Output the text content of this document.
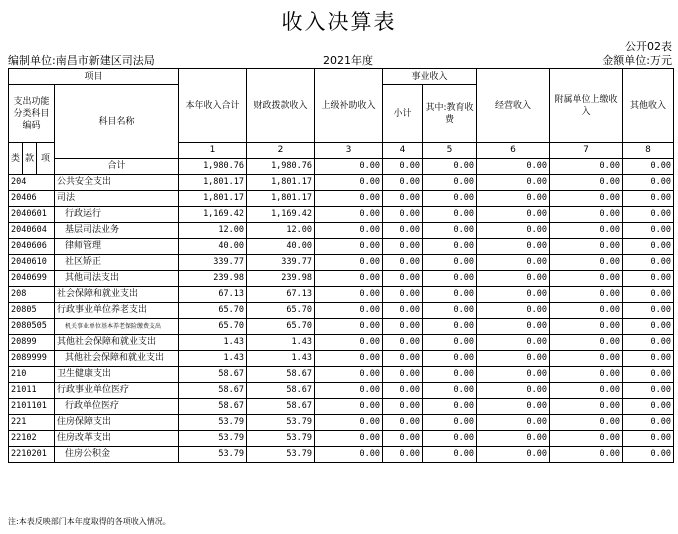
收入决算表
公开02表
编制单位:南昌市新建区司法局	2021年度	金额单位:万元
项目				本年收入合计	财政拨款收入	上级补助收入	事业收入		经营收入	附属单位上缴收入	其他收入
支出功能分类科目编码			科目名称				小计	其中:教育收费			
类	款	项		1	2	3	4	5	6	7	8
			合计	1,980.76	1,980.76	0.00	0.00	0.00	0.00	0.00	0.00
204			公共安全支出	1,801.17	1,801.17	0.00	0.00	0.00	0.00	0.00	0.00
20406			司法	1,801.17	1,801.17	0.00	0.00	0.00	0.00	0.00	0.00
2040601			行政运行	1,169.42	1,169.42	0.00	0.00	0.00	0.00	0.00	0.00
2040604			基层司法业务	12.00	12.00	0.00	0.00	0.00	0.00	0.00	0.00
2040606			律师管理	40.00	40.00	0.00	0.00	0.00	0.00	0.00	0.00
2040610			社区矫正	339.77	339.77	0.00	0.00	0.00	0.00	0.00	0.00
2040699			其他司法支出	239.98	239.98	0.00	0.00	0.00	0.00	0.00	0.00
208			社会保障和就业支出	67.13	67.13	0.00	0.00	0.00	0.00	0.00	0.00
20805			行政事业单位养老支出	65.70	65.70	0.00	0.00	0.00	0.00	0.00	0.00
2080505			机关事业单位基本养老保险缴费支出	65.70	65.70	0.00	0.00	0.00	0.00	0.00	0.00
20899			其他社会保障和就业支出	1.43	1.43	0.00	0.00	0.00	0.00	0.00	0.00
2089999			其他社会保障和就业支出	1.43	1.43	0.00	0.00	0.00	0.00	0.00	0.00
210			卫生健康支出	58.67	58.67	0.00	0.00	0.00	0.00	0.00	0.00
21011			行政事业单位医疗	58.67	58.67	0.00	0.00	0.00	0.00	0.00	0.00
2101101			行政单位医疗	58.67	58.67	0.00	0.00	0.00	0.00	0.00	0.00
221			住房保障支出	53.79	53.79	0.00	0.00	0.00	0.00	0.00	0.00
22102			住房改革支出	53.79	53.79	0.00	0.00	0.00	0.00	0.00	0.00
2210201			住房公积金	53.79	53.79	0.00	0.00	0.00	0.00	0.00	0.00
注:本表反映部门本年度取得的各项收入情况。
